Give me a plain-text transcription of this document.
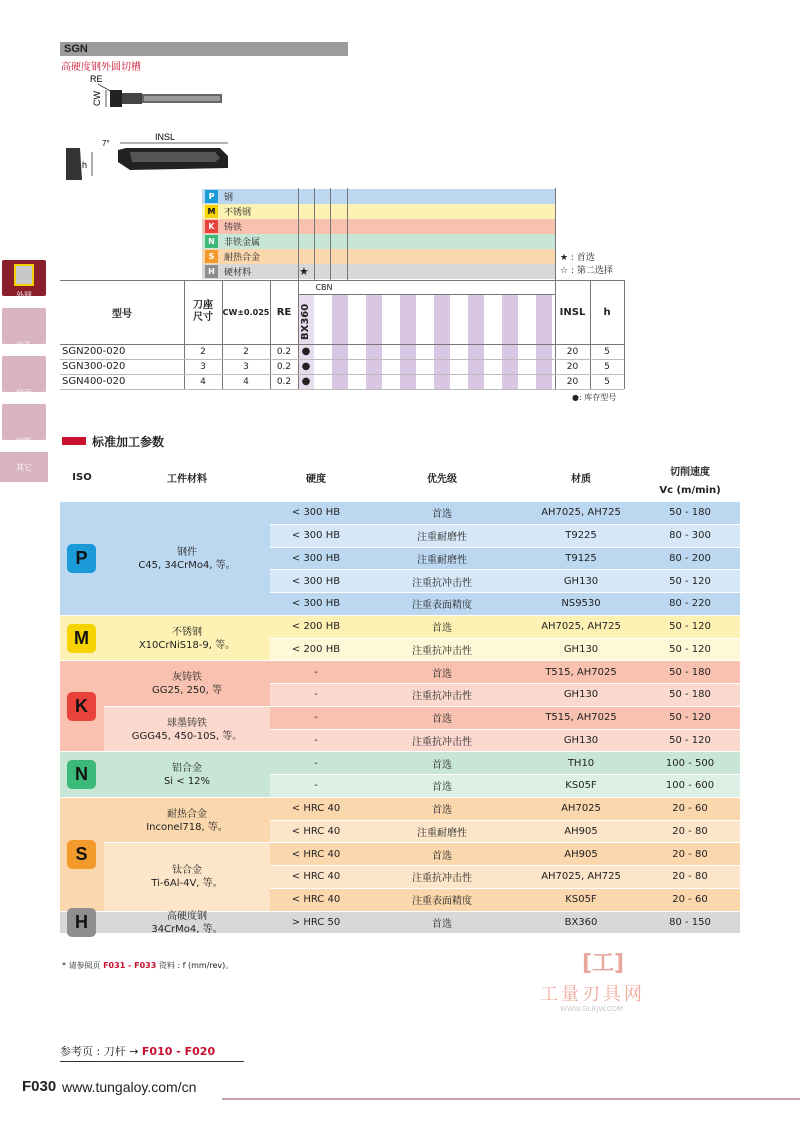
SGN
高硬度钢外圆切槽
RE
CW
7°
INSL
h
外圆
内孔
端面
切断
其它
P	钢
M 不锈钢
K	铸铁
N	非铁金属
S	耐热合金
H	硬材料
★ : 首选
☆ : 第二选择
★
型号
刀座
尺寸	CW±0.025 RE
CBN
BX360	INSL	h
SGN200-020	2	2	0.2	●	20	5
SGN300-020	3	3	0.2	●	20	5
SGN400-020	4	4	0.2	●	20	5
●: 库存型号
标准加工参数
ISO	工件材料	硬度	优先级	材质
切削速度
Vc (m/min)
P	钢件
C45, 34CrMo4, 等。
< 300 HB	首选	AH7025, AH725	50 - 180
< 300 HB	注重耐磨性	T9225	80 - 300
< 300 HB	注重耐磨性	T9125	80 - 200
< 300 HB	注重抗冲击性	GH130	50 - 120
< 300 HB	注重表面精度	NS9530	80 - 220
M	不锈钢
X10CrNiS18-9, 等。
< 200 HB	首选	AH7025, AH725	50 - 120
< 200 HB	注重抗冲击性	GH130	50 - 120
K
灰铸铁
GG25, 250, 等
-	首选	T515, AH7025	50 - 180
-	注重抗冲击性	GH130	50 - 180
球墨铸铁
GGG45, 450-10S, 等。
-	首选	T515, AH7025	50 - 120
-	注重抗冲击性	GH130	50 - 120
N	铝合金
Si < 12%
-	首选	TH10	100 - 500
-	首选	KS05F	100 - 600
S
耐热合金
Inconel718, 等。
< HRC 40	首选	AH7025	20 - 60
< HRC 40	注重耐磨性	AH905	20 - 80
钛合金
Ti-6Al-4V, 等。
< HRC 40	首选	AH905	20 - 80
< HRC 40	注重抗冲击性	AH7025, AH725	20 - 80
< HRC 40	注重表面精度	KS05F	20 - 60
H	高硬度钢
34CrMo4, 等。
> HRC 50	首选	BX360	80 - 150
* 请参阅页 F031 - F033 资料 : f (mm/rev)。	[工]
工量刃具网
WWW.GLRJW.COM
参考页 : 刀杆 → F010 - F020
F030 www.tungaloy.com/cn
